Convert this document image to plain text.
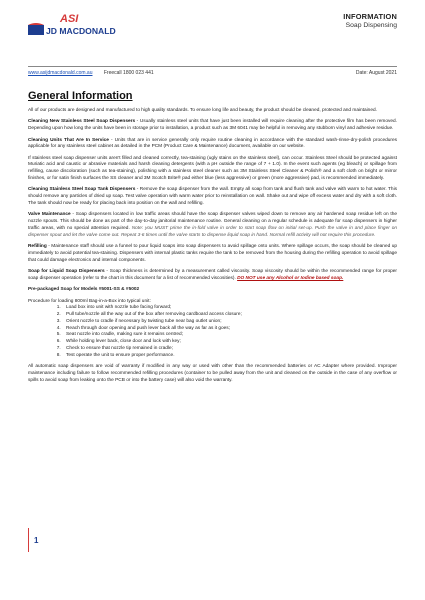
ASI
JD MACDONALD
INFORMATION
Soap Dispensing
www.asijdmacdonald.com.au Freecall 1800 023 441	Date: August 2021
General Information

All of our products are designed and manufactured to high quality standards. To ensure long life and beauty, the product should be cleaned, protected and maintained.

Cleaning New Stainless Steel Soap Dispensers - Usually stainless steel units that have just been installed will require cleaning after the protective film has been removed. Depending upon how long the units have been in storage prior to installation, a product such as 3M 6041 may be helpful in removing any stubborn vinyl and adhesive residue.

Cleaning Units That Are In Service - Units that are in service generally only require routine cleaning in accordance with the standard wash-rinse-dry-polish procedures applicable for any stainless steel cabinet as detailed in the PCM (Product Care & Maintenance) document, available on our website.

If stainless steel soap dispenser units aren't filled and cleaned correctly, tea-staining (ugly stains on the stainless steel), can occur. Stainless Steel should be protected against Muriatic acid and caustic or abrasive materials and harsh cleaning detergents (with a pH outside the range of 7 + 1.0). In the event such agents (eg bleach) or spillage from refilling, cause discoloration (such as tea-staining), polishing with a stainless steel cleaner such as 3M Stainless Steel Cleaner & Polish® and a soft cloth on bright or mirror finishes, or for satin finish surfaces the SS cleaner and 3M Scotch Brite® pad either blue (less aggressive) or green (more aggressive) pad, is recommended immediately.

Cleaning Stainless Steel Soap Tank Dispensers - Remove the soap dispenser from the wall. Empty all soap from tank and flush tank and valve with warm to hot water. This should remove any particles of dried up soap. Test valve operation with warm water prior to reinstallation on wall. Shake out and wipe off excess water and dry with a soft cloth. The tank should now be ready for placing back into position on the wall and refilling.

Valve Maintenance - Soap dispensers located in low traffic areas should have the soap dispenser valves wiped down to remove any air hardened soap residue left on the nozzle spouts. This should be done as part of the day-to-day janitorial maintenance routine. General cleaning on a regular schedule is adequate for soap dispensers in higher traffic areas, with no special attention required. Note: you MUST prime the in-fold valve in order to start soap flow on initial set-up. Push the valve in and place finger on dispenser spout and let the valve come out. Repeat 3-6 times until the valve starts to dispense liquid soap in hand. Normal refill activity will not require this procedure.

Refilling - Maintenance staff should use a funnel to pour liquid soaps into soap dispensers to avoid spillage onto units. Where spillage occurs, the soap should be cleaned up immediately to avoid potential tea-staining. Dispensers with internal plastic tanks require the tank to be removed from the housing during the refilling operation to avoid spillage that could damage electronics and internal components.

Soap for Liquid Soap Dispensers - Soap thickness is determined by a measurement called viscosity. Soap viscosity should be within the recommended range for proper soap dispenser operation (refer to the chart in this document for a list of recommended viscosities). DO NOT use any Alcohol or Iodine based soap.

Pre-packaged Soap for Models #5001-SS & #5002

Procedure for loading 800ml Bag-in-a-Box into typical unit:

1. Load box into unit with nozzle tube facing forward;
2. Pull tube/nozzle all the way out of the box after removing cardboard access closure;
3. Orient nozzle to cradle if necessary by twisting tube near bag outlet union;
4. Reach through door opening and push lever back all the way as far as it goes;
5. Seat nozzle into cradle, making sure it remains centred;
6. While holding lever back, close door and lock with key;
7. Check to ensure that nozzle tip remained in cradle;
8. Test operate the unit to ensure proper performance.

All automatic soap dispensers are void of warranty if modified in any way or used with other than the recommended batteries or AC Adapter where provided. Improper maintenance including failure to follow recommended refilling procedures (container to be pulled away from the unit and cleaned on the outside in the case of any overflow or spills to avoid soap from leaking onto the PCB or into the battery case) will also void the warranty.

1
